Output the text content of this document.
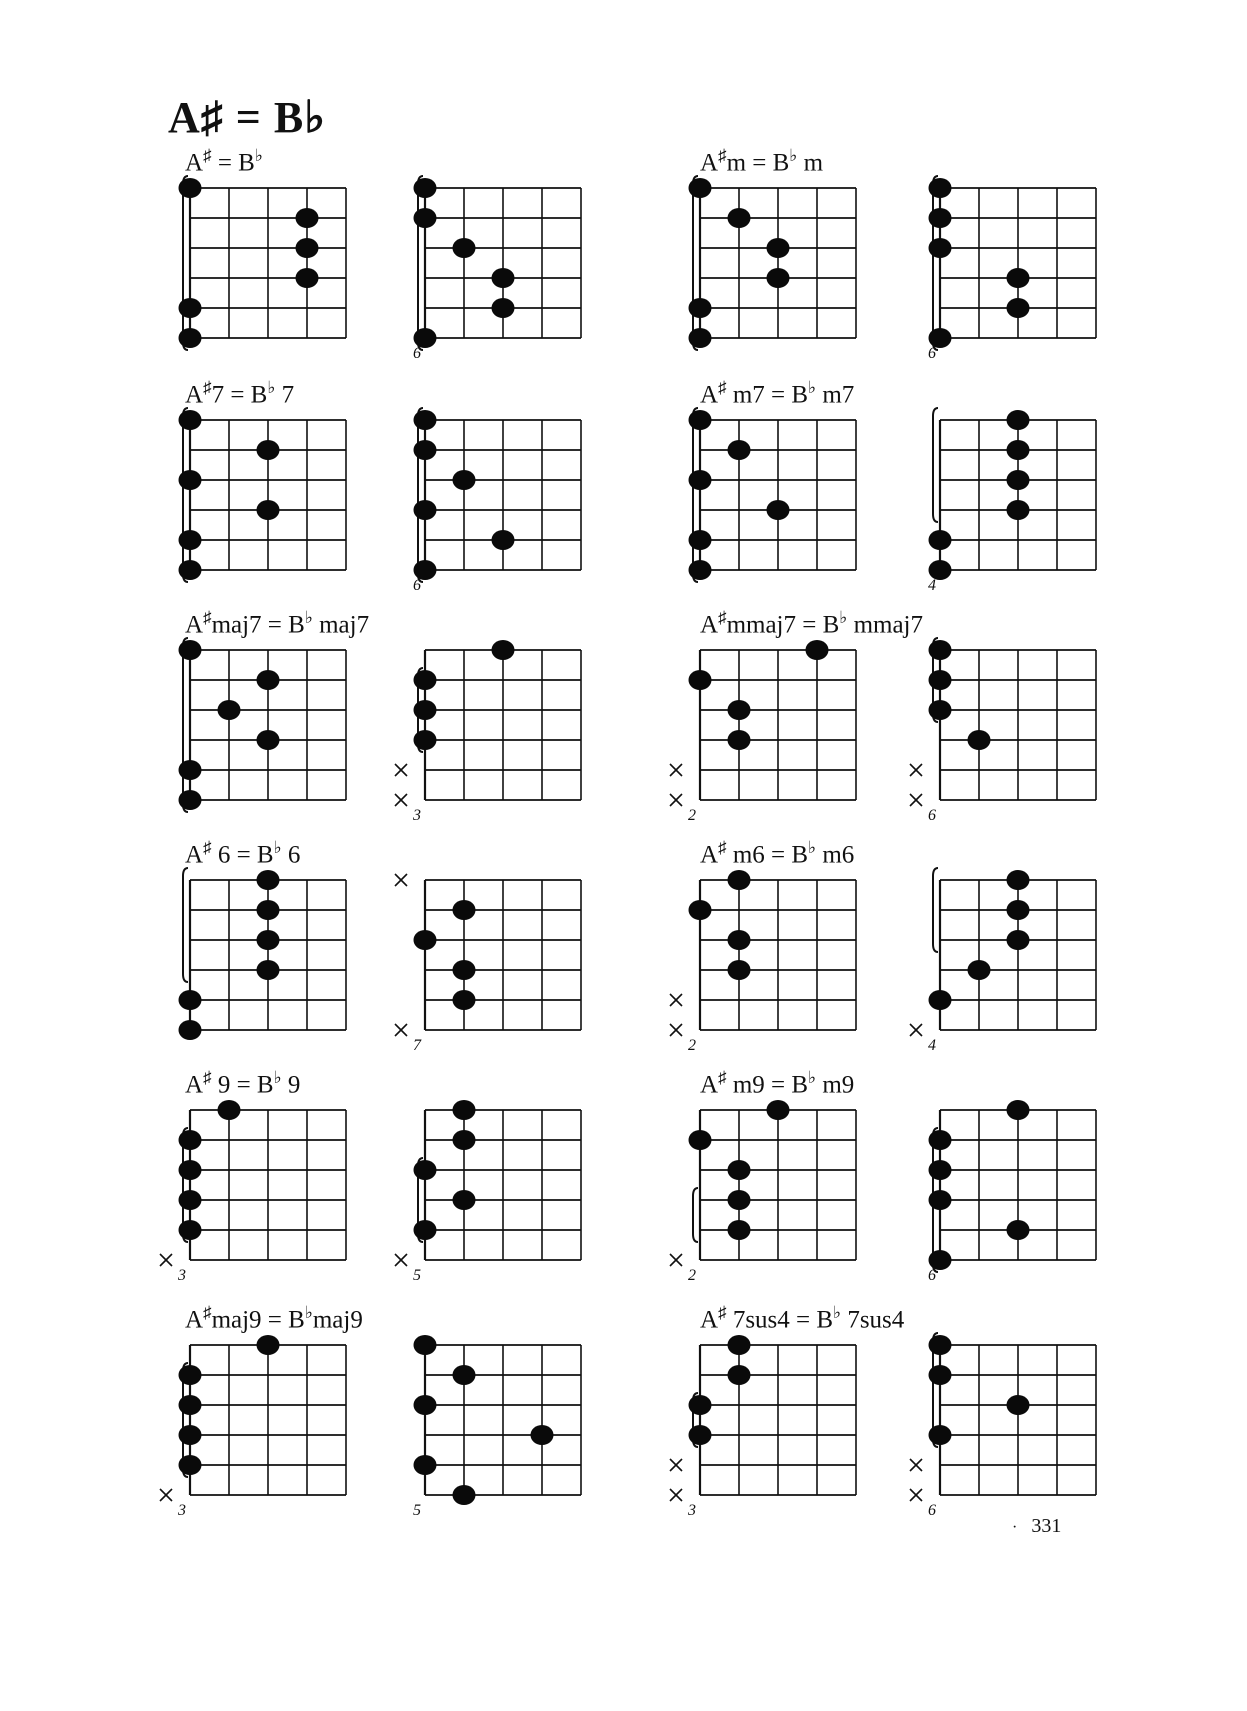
A♯ = B♭
6	6
6	4
3	2	6
7	2	4
3	5	2	6
3	5	3	6
A♯ = B♭	A♯m = B♭ m
A♯7 = B♭ 7	A♯ m7 = B♭ m7
A♯maj7 = B♭ maj7	A♯mmaj7 = B♭ mmaj7
A♯ 6 = B♭ 6	A♯ m6 = B♭ m6
A♯ 9 = B♭ 9	A♯ m9 = B♭ m9
A♯maj9 = B♭maj9	A♯ 7sus4 = B♭ 7sus4
· 331
